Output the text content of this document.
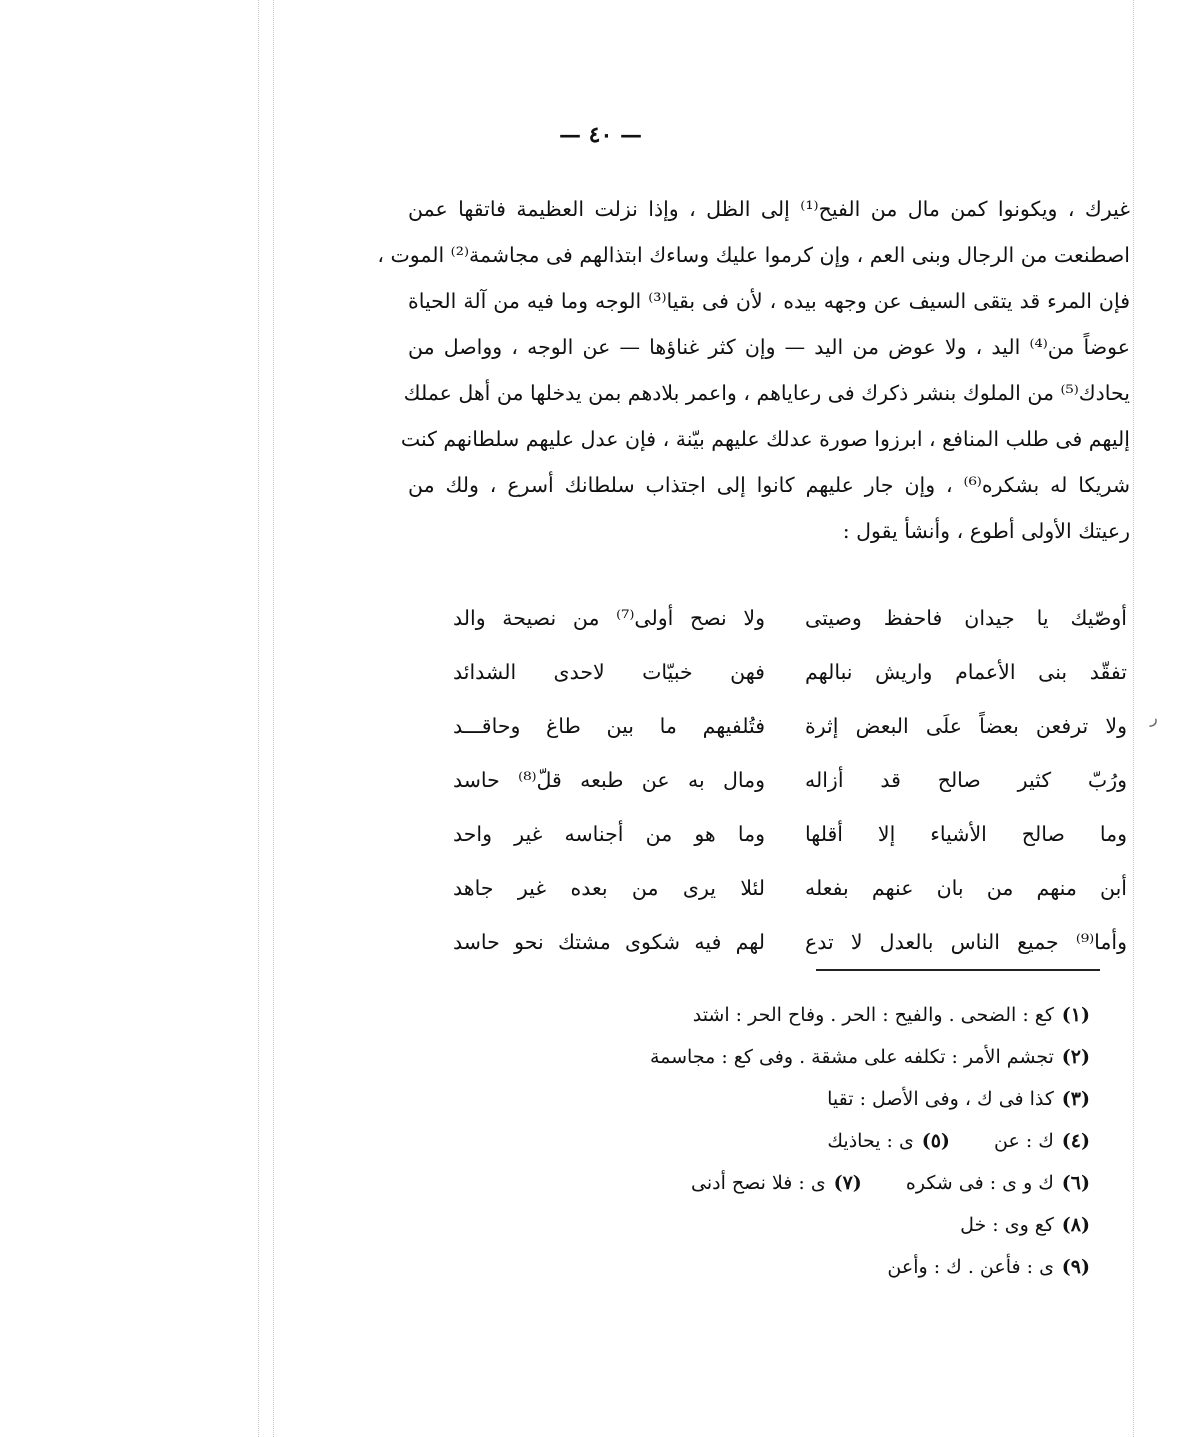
— ٤٠ —
غيرك ، ويكونوا كمن مال من الفيح⁽¹⁾ إلى الظل ، وإذا نزلت العظيمة فاتقها عمن
اصطنعت من الرجال وبنى العم ، وإن كرموا عليك وساءك ابتذالهم فى مجاشمة⁽²⁾ الموت ،
فإن المرء قد يتقى السيف عن وجهه بيده ، لأن فى بقيا⁽³⁾ الوجه وما فيه من آلة الحياة
عوضاً من⁽⁴⁾ اليد ، ولا عوض من اليد — وإن كثر غناؤها — عن الوجه ، وواصل من
يحادك⁽⁵⁾ من الملوك بنشر ذكرك فى رعاياهم ، واعمر بلادهم بمن يدخلها من أهل عملك
إليهم فى طلب المنافع ، ابرزوا صورة عدلك عليهم بيّنة ، فإن عدل عليهم سلطانهم كنت
شريكا له بشكره⁽⁶⁾ ، وإن جار عليهم كانوا إلى اجتذاب سلطانك أسرع ، ولك من
رعيتك الأولى أطوع ، وأنشأ يقول :
أوصّيك يا جيدان فاحفظ وصيتى
ولا نصح أولى⁽⁷⁾ من نصيحة والد
تفقّد بنى الأعمام واريش نبالهم
فهن خبيّات لاحدى الشدائد
ولا ترفعن بعضاً علَى البعض إثرة
فتُلفيهم ما بين طاغ وحاقـــد
ورُبّ كثير صالح قد أزاله
ومال به عن طبعه قلّ⁽⁸⁾ حاسد
وما صالح الأشياء إلا أقلها
وما هو من أجناسه غير واحد
أبن منهم من بان عنهم بفعله
لئلا يرى من بعده غير جاهد
وأما⁽⁹⁾ جميع الناس بالعدل لا تدع
لهم فيه شكوى مشتك نحو حاسد
ﺭ
(١) كع : الضحى . والفيح : الحر . وفاح الحر : اشتد
(٢) تجشم الأمر : تكلفه على مشقة . وفى كع : مجاسمة
(٣) كذا فى ك ، وفى الأصل : تقيا
(٤) ك : عن  (٥) ى : يحاذيك
(٦) ك و ى : فى شكره  (٧) ى : فلا نصح أدنى
(٨) كع وى : خل
(٩) ى : فأعن . ك : وأعن
